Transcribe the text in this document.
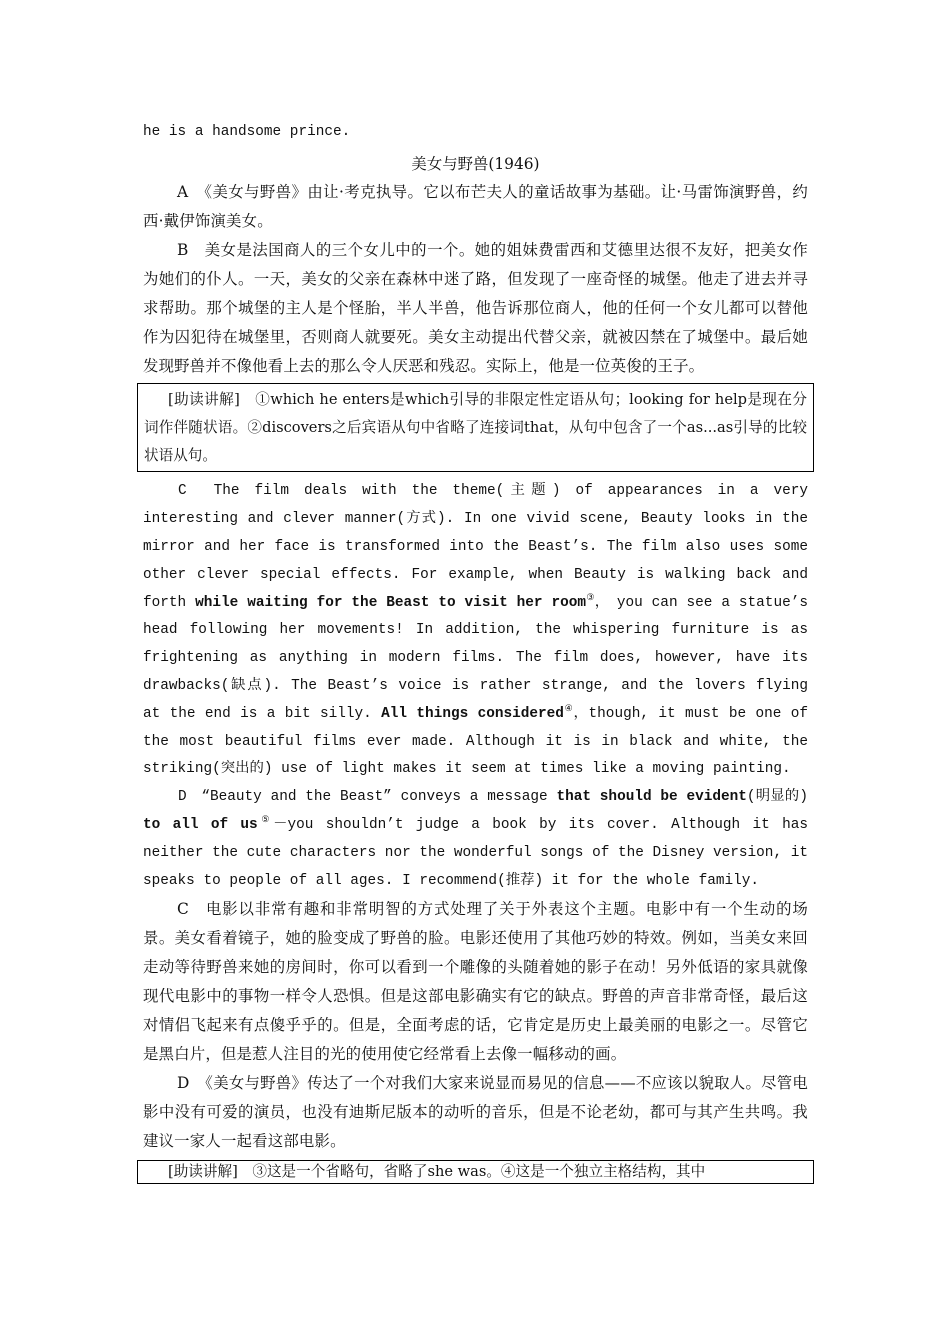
he is a handsome prince.

美女与野兽(1946)

A　《美女与野兽》由让·考克执导。它以布芒夫人的童话故事为基础。让·马雷饰演野兽，约西·戴伊饰演美女。

B　美女是法国商人的三个女儿中的一个。她的姐妹费雷西和艾德里达很不友好，把美女作为她们的仆人。一天，美女的父亲在森林中迷了路，但发现了一座奇怪的城堡。他走了进去并寻求帮助。那个城堡的主人是个怪胎，半人半兽，他告诉那位商人，他的任何一个女儿都可以替他作为囚犯待在城堡里，否则商人就要死。美女主动提出代替父亲，就被囚禁在了城堡中。最后她发现野兽并不像他看上去的那么令人厌恶和残忍。实际上，他是一位英俊的王子。

[助读讲解]　①which he enters是which引导的非限定性定语从句；looking for help是现在分词作伴随状语。②discovers之后宾语从句中省略了连接词that，从句中包含了一个as...as引导的比较状语从句。

C　The film deals with the theme(主题) of appearances in a very interesting and clever manner(方式). In one vivid scene, Beauty looks in the mirror and her face is transformed into the Beast’s. The film also uses some other clever special effects. For example, when Beauty is walking back and forth while waiting for the Beast to visit her room③，　you can see a statue’s head following her movements! In addition, the whispering furniture is as frightening as anything in modern films. The film does, however, have its drawbacks(缺点). The Beast’s voice is rather strange, and the lovers flying at the end is a bit silly. All things considered④，though, it must be one of the most beautiful films ever made. Although it is in black and white, the striking(突出的) use of light makes it seem at times like a moving painting.

D　“Beauty and the Beast” conveys a message that should be evident(明显的) to all of us⑤－you shouldn’t judge a book by its cover. Although it has neither the cute characters nor the wonderful songs of the Disney version, it speaks to people of all ages. I recommend(推荐) it for the whole family.

C　电影以非常有趣和非常明智的方式处理了关于外表这个主题。电影中有一个生动的场景。美女看着镜子，她的脸变成了野兽的脸。电影还使用了其他巧妙的特效。例如，当美女来回走动等待野兽来她的房间时，你可以看到一个雕像的头随着她的影子在动！另外低语的家具就像现代电影中的事物一样令人恐惧。但是这部电影确实有它的缺点。野兽的声音非常奇怪，最后这对情侣飞起来有点傻乎乎的。但是，全面考虑的话，它肯定是历史上最美丽的电影之一。尽管它是黑白片，但是惹人注目的光的使用使它经常看上去像一幅移动的画。

D　《美女与野兽》传达了一个对我们大家来说显而易见的信息——不应该以貌取人。尽管电影中没有可爱的演员，也没有迪斯尼版本的动听的音乐，但是不论老幼，都可与其产生共鸣。我建议一家人一起看这部电影。

[助读讲解]　③这是一个省略句，省略了she was。④这是一个独立主格结构，其中
